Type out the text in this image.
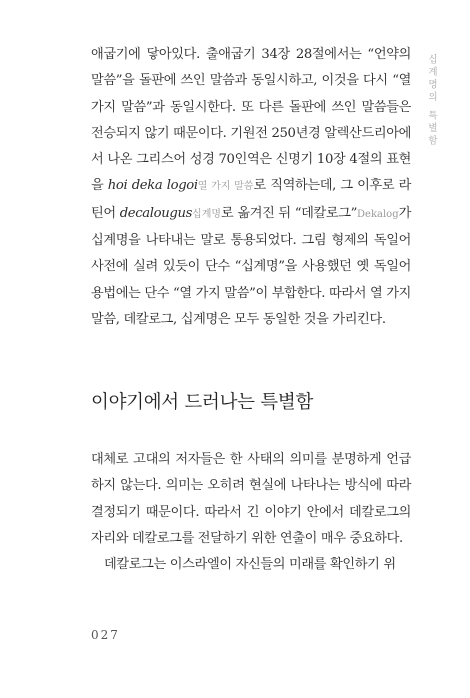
십계명의 특별함

애굽기에 닿아있다. 출애굽기 34장 28절에서는 “언약의 말씀”을 돌판에 쓰인 말씀과 동일시하고, 이것을 다시 “열 가지 말씀”과 동일시한다. 또 다른 돌판에 쓰인 말씀들은 전승되지 않기 때문이다. 기원전 250년경 알렉산드리아에서 나온 그리스어 성경 70인역은 신명기 10장 4절의 표현을 hoi deka logoi열 가지 말씀로 직역하는데, 그 이후로 라틴어 decalougus십계명로 옮겨진 뒤 “데칼로그”Dekalog가 십계명을 나타내는 말로 통용되었다. 그림 형제의 독일어 사전에 실려 있듯이 단수 “십계명”을 사용했던 옛 독일어 용법에는 단수 “열 가지 말씀”이 부합한다. 따라서 열 가지 말씀, 데칼로그, 십계명은 모두 동일한 것을 가리킨다.

이야기에서 드러나는 특별함

대체로 고대의 저자들은 한 사태의 의미를 분명하게 언급하지 않는다. 의미는 오히려 현실에 나타나는 방식에 따라 결정되기 때문이다. 따라서 긴 이야기 안에서 데칼로그의 자리와 데칼로그를 전달하기 위한 연출이 매우 중요하다.

데칼로그는 이스라엘이 자신들의 미래를 확인하기 위

027
